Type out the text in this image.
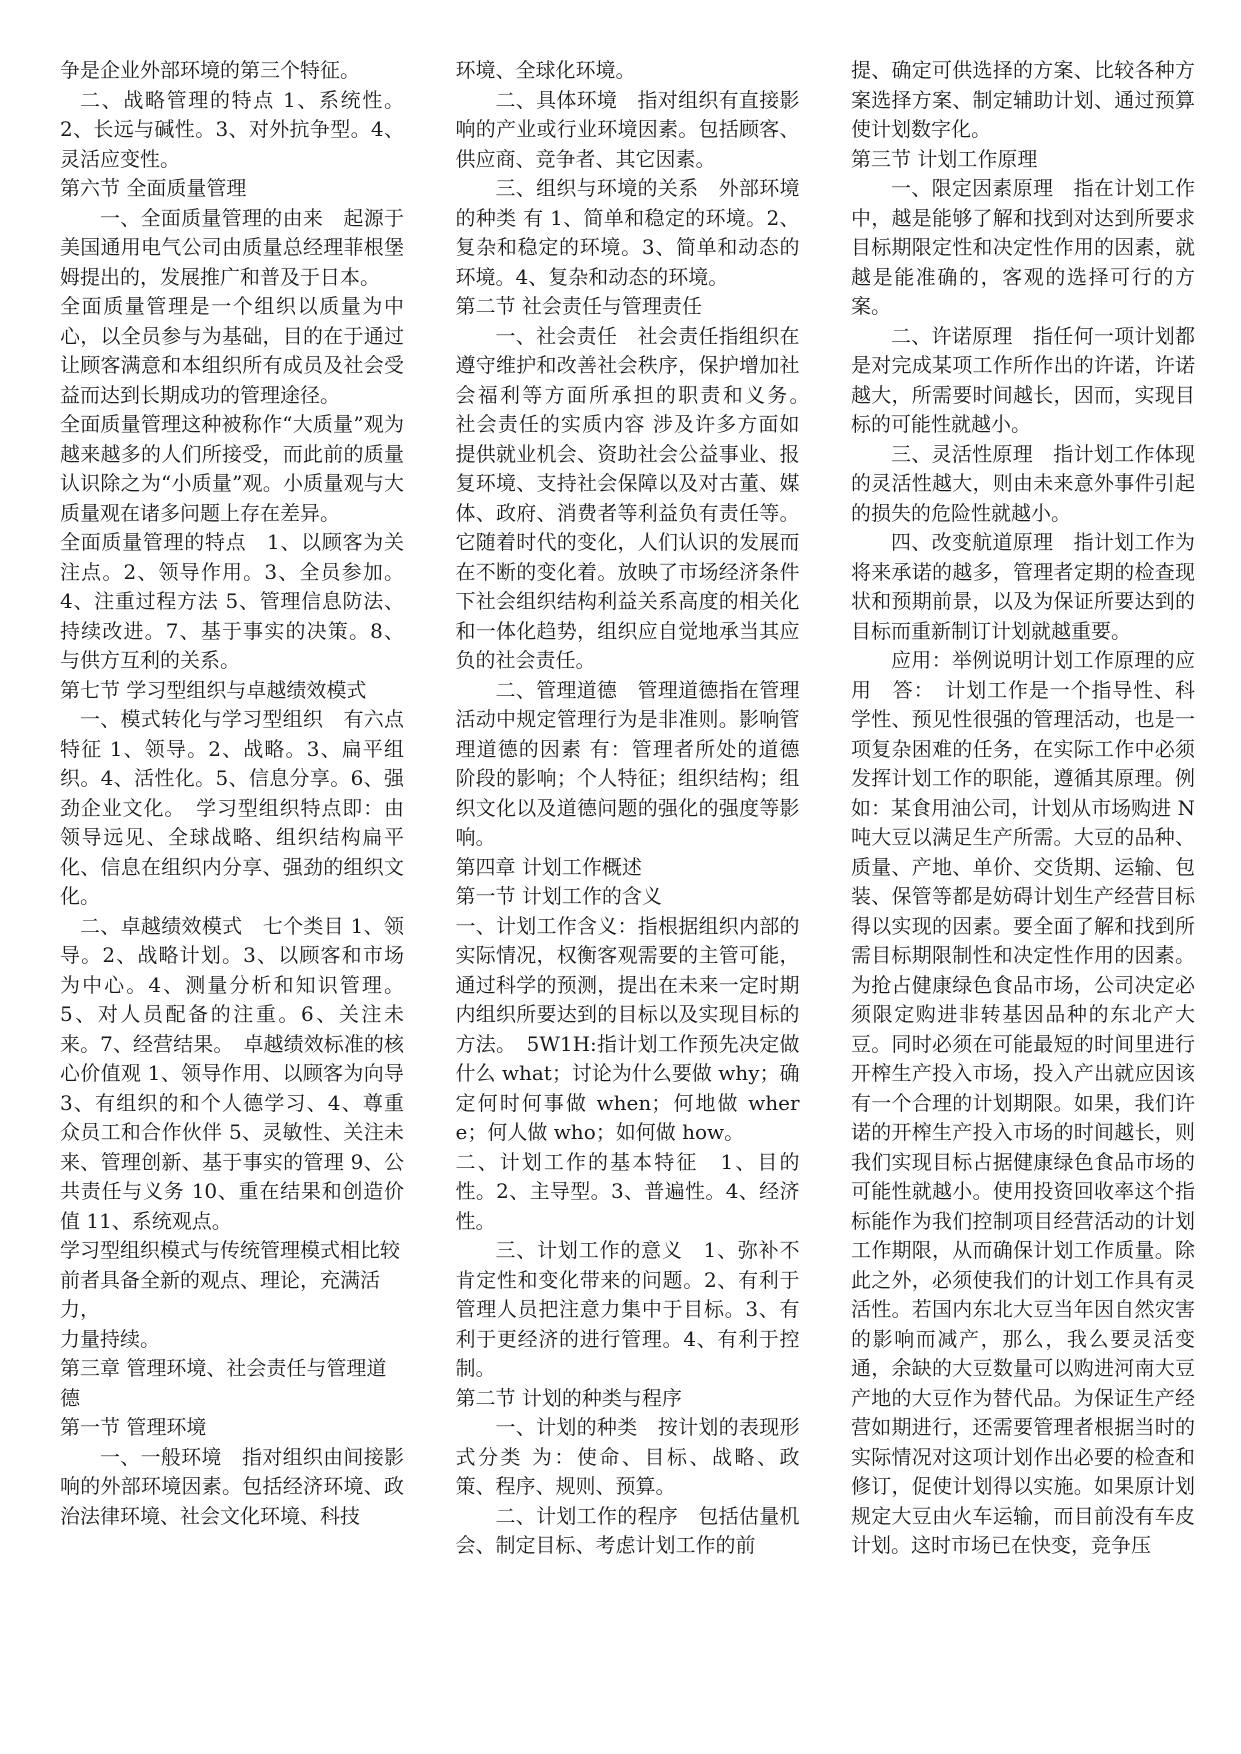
争是企业外部环境的第三个特征。

二、战略管理的特点 1、系统性。2、长远与碱性。3、对外抗争型。4、灵活应变性。

第六节 全面质量管理

一、全面质量管理的由来　起源于美国通用电气公司由质量总经理菲根堡姆提出的，发展推广和普及于日本。

全面质量管理是一个组织以质量为中心，以全员参与为基础，目的在于通过让顾客满意和本组织所有成员及社会受益而达到长期成功的管理途径。

全面质量管理这种被称作“大质量”观为越来越多的人们所接受，而此前的质量认识除之为“小质量”观。小质量观与大质量观在诸多问题上存在差异。

全面质量管理的特点　1、以顾客为关注点。2、领导作用。3、全员参加。4、注重过程方法 5、管理信息防法、持续改进。7、基于事实的决策。8、与供方互利的关系。

第七节 学习型组织与卓越绩效模式

一、模式转化与学习型组织　有六点特征 1、领导。2、战略。3、扁平组织。4、活性化。5、信息分享。6、强劲企业文化。　学习型组织特点即：由领导远见、全球战略、组织结构扁平化、信息在组织内分享、强劲的组织文化。

二、卓越绩效模式　七个类目 1、领导。2、战略计划。3、以顾客和市场为中心。4、测量分析和知识管理。5、对人员配备的注重。6、关注未来。7、经营结果。　卓越绩效标准的核心价值观 1、领导作用、以顾客为向导 3、有组织的和个人德学习、4、尊重众员工和合作伙伴 5、灵敏性、关注未来、管理创新、基于事实的管理 9、公共责任与义务 10、重在结果和创造价值 11、系统观点。

学习型组织模式与传统管理模式相比较

前者具备全新的观点、理论，充满活力，

力量持续。

第三章 管理环境、社会责任与管理道德

第一节 管理环境

一、一般环境　指对组织由间接影响的外部环境因素。包括经济环境、政治法律环境、社会文化环境、科技

环境、全球化环境。

二、具体环境　指对组织有直接影响的产业或行业环境因素。包括顾客、供应商、竞争者、其它因素。

三、组织与环境的关系　外部环境的种类 有 1、简单和稳定的环境。2、复杂和稳定的环境。3、简单和动态的环境。4、复杂和动态的环境。

第二节 社会责任与管理责任

一、社会责任　社会责任指组织在遵守维护和改善社会秩序，保护增加社会福利等方面所承担的职责和义务。　社会责任的实质内容 涉及许多方面如提供就业机会、资助社会公益事业、报复环境、支持社会保障以及对古董、媒体、政府、消费者等利益负有责任等。它随着时代的变化，人们认识的发展而在不断的变化着。放映了市场经济条件下社会组织结构利益关系高度的相关化和一体化趋势，组织应自觉地承当其应负的社会责任。

二、管理道德　管理道德指在管理活动中规定管理行为是非准则。影响管理道德的因素 有：管理者所处的道德阶段的影响；个人特征；组织结构；组织文化以及道德问题的强化的强度等影响。

第四章 计划工作概述

第一节 计划工作的含义

一、计划工作含义：指根据组织内部的实际情况，权衡客观需要的主管可能，通过科学的预测，提出在未来一定时期内组织所要达到的目标以及实现目标的方法。　5W1H:指计划工作预先决定做什么 what；讨论为什么要做 why；确定何时何事做 when；何地做 where；何人做 who；如何做 how。

二、计划工作的基本特征　1、目的性。2、主导型。3、普遍性。4、经济性。

三、计划工作的意义　1、弥补不肯定性和变化带来的问题。2、有利于管理人员把注意力集中于目标。3、有利于更经济的进行管理。4、有利于控制。

第二节 计划的种类与程序

一、计划的种类　按计划的表现形式分类 为：使命、目标、战略、政策、程序、规则、预算。

二、计划工作的程序　包括估量机会、制定目标、考虑计划工作的前

提、确定可供选择的方案、比较各种方案选择方案、制定辅助计划、通过预算使计划数字化。

第三节 计划工作原理

一、限定因素原理　指在计划工作中，越是能够了解和找到对达到所要求目标期限定性和决定性作用的因素，就越是能准确的，客观的选择可行的方案。

二、许诺原理　指任何一项计划都是对完成某项工作所作出的许诺，许诺越大，所需要时间越长，因而，实现目标的可能性就越小。

三、灵活性原理　指计划工作体现的灵活性越大，则由未来意外事件引起的损失的危险性就越小。

四、改变航道原理　指计划工作为将来承诺的越多，管理者定期的检查现状和预期前景，以及为保证所要达到的目标而重新制订计划就越重要。

应用：举例说明计划工作原理的应用　答：　计划工作是一个指导性、科学性、预见性很强的管理活动，也是一项复杂困难的任务，在实际工作中必须发挥计划工作的职能，遵循其原理。例如：某食用油公司，计划从市场购进 N 吨大豆以满足生产所需。大豆的品种、质量、产地、单价、交货期、运输、包装、保管等都是妨碍计划生产经营目标得以实现的因素。要全面了解和找到所需目标期限制性和决定性作用的因素。为抢占健康绿色食品市场，公司决定必须限定购进非转基因品种的东北产大豆。同时必须在可能最短的时间里进行开榨生产投入市场，投入产出就应因该有一个合理的计划期限。如果，我们许诺的开榨生产投入市场的时间越长，则我们实现目标占据健康绿色食品市场的可能性就越小。使用投资回收率这个指标能作为我们控制项目经营活动的计划工作期限，从而确保计划工作质量。除此之外，必须使我们的计划工作具有灵活性。若国内东北大豆当年因自然灾害的影响而减产，那么，我么要灵活变通，余缺的大豆数量可以购进河南大豆产地的大豆作为替代品。为保证生产经营如期进行，还需要管理者根据当时的实际情况对这项计划作出必要的检查和修订，促使计划得以实施。如果原计划规定大豆由火车运输，而目前没有车皮计划。这时市场已在快变，竞争压
